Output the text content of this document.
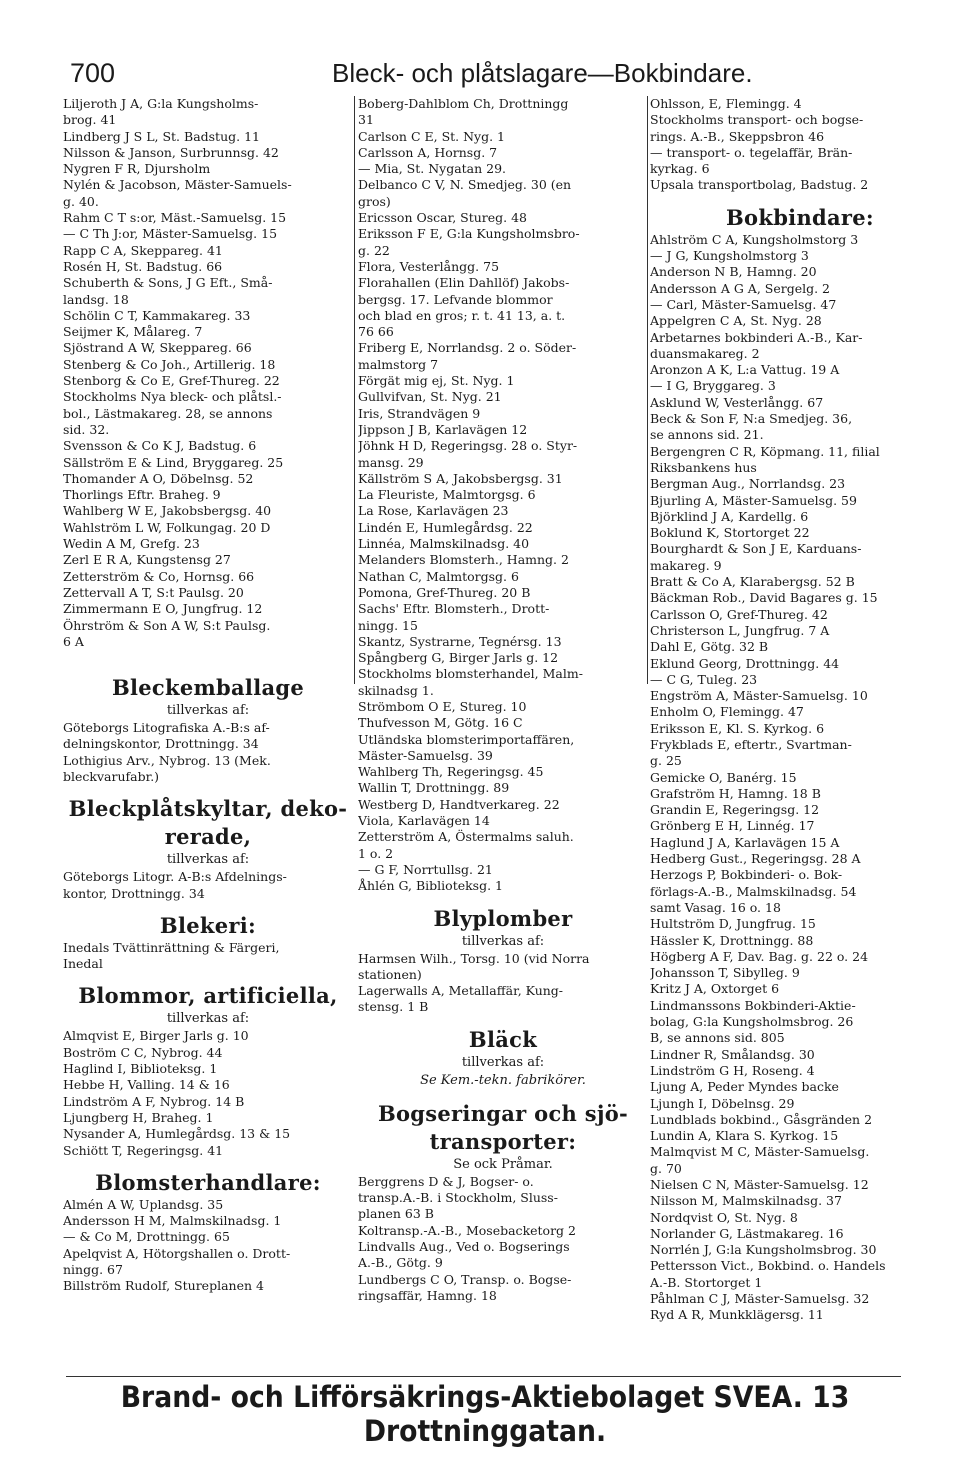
700	Bleck- och plåtslagare—Bokbindare.
Liljeroth J A, G:la Kungsholms-
brog. 41
Lindberg J S L, St. Badstug. 11
Nilsson & Janson, Surbrunnsg. 42
Nygren F R, Djursholm
Nylén & Jacobson, Mäster-Samuels-
g. 40.
Rahm C T s:or, Mäst.-Samuelsg. 15
— C Th J:or, Mäster-Samuelsg. 15
Rapp C A, Skeppareg. 41
Rosén H, St. Badstug. 66
Schuberth & Sons, J G Eft., Små-
landsg. 18
Schölin C T, Kammakareg. 33
Seijmer K, Målareg. 7
Sjöstrand A W, Skeppareg. 66
Stenberg & Co Joh., Artillerig. 18
Stenborg & Co E, Gref-Thureg. 22
Stockholms Nya bleck- och plåtsl.-
bol., Lästmakareg. 28, se annons
sid. 32.
Svensson & Co K J, Badstug. 6
Sällström E & Lind, Bryggareg. 25
Thomander A O, Döbelnsg. 52
Thorlings Eftr. Braheg. 9
Wahlberg W E, Jakobsbergsg. 40
Wahlström L W, Folkungag. 20 D
Wedin A M, Grefg. 23
Zerl E R A, Kungstensg 27
Zetterström & Co, Hornsg. 66
Zettervall A T, S:t Paulsg. 20
Zimmermann E O, Jungfrug. 12
Öhrström & Son A W, S:t Paulsg.
6 A
Bleckemballage
tillverkas af:
Göteborgs Litografiska A.-B:s af-
delningskontor, Drottningg. 34
Lothigius Arv., Nybrog. 13 (Mek.
bleckvarufabr.)
Bleckplåtskyltar, deko-
rerade,
tillverkas af:
Göteborgs Litogr. A-B:s Afdelnings-
kontor, Drottningg. 34
Blekeri:
Inedals Tvättinrättning & Färgeri,
Inedal
Blommor, artificiella,
tillverkas af:
Almqvist E, Birger Jarls g. 10
Boström C C, Nybrog. 44
Haglind I, Biblioteksg. 1
Hebbe H, Valling. 14 & 16
Lindström A F, Nybrog. 14 B
Ljungberg H, Braheg. 1
Nysander A, Humlegårdsg. 13 & 15
Schiött T, Regeringsg. 41
Blomsterhandlare:
Almén A W, Uplandsg. 35
Andersson H M, Malmskilnadsg. 1
— & Co M, Drottningg. 65
Apelqvist A, Hötorgshallen o. Drott-
ningg. 67
Billström Rudolf, Stureplanen 4
Boberg-Dahlblom Ch, Drottningg
31
Carlson C E, St. Nyg. 1
Carlsson A, Hornsg. 7
— Mia, St. Nygatan 29.
Delbanco C V, N. Smedjeg. 30 (en
gros)
Ericsson Oscar, Stureg. 48
Eriksson F E, G:la Kungsholmsbro-
g. 22
Flora, Vesterlångg. 75
Florahallen (Elin Dahllöf) Jakobs-
bergsg. 17. Lefvande blommor
och blad en gros; r. t. 41 13, a. t.
76 66
Friberg E, Norrlandsg. 2 o. Söder-
malmstorg 7
Förgät mig ej, St. Nyg. 1
Gullvifvan, St. Nyg. 21
Iris, Strandvägen 9
Jippson J B, Karlavägen 12
Jöhnk H D, Regeringsg. 28 o. Styr-
mansg. 29
Källström S A, Jakobsbergsg. 31
La Fleuriste, Malmtorgsg. 6
La Rose, Karlavägen 23
Lindén E, Humlegårdsg. 22
Linnéa, Malmskilnadsg. 40
Melanders Blomsterh., Hamng. 2
Nathan C, Malmtorgsg. 6
Pomona, Gref-Thureg. 20 B
Sachs' Eftr. Blomsterh., Drott-
ningg. 15
Skantz, Systrarne, Tegnérsg. 13
Spångberg G, Birger Jarls g. 12
Stockholms blomsterhandel, Malm-
skilnadsg 1.
Strömbom O E, Stureg. 10
Thufvesson M, Götg. 16 C
Utländska blomsterimportaffären,
Mäster-Samuelsg. 39
Wahlberg Th, Regeringsg. 45
Wallin T, Drottningg. 89
Westberg D, Handtverkareg. 22
Viola, Karlavägen 14
Zetterström A, Östermalms saluh.
1 o. 2
— G F, Norrtullsg. 21
Åhlén G, Biblioteksg. 1
Blyplomber
tillverkas af:
Harmsen Wilh., Torsg. 10 (vid Norra
stationen)
Lagerwalls A, Metallaffär, Kung-
stensg. 1 B
Bläck
tillverkas af:
Se Kem.-tekn. fabrikörer.
Bogseringar och sjö-
transporter:
Se ock Pråmar.
Berggrens D & J, Bogser- o.
transp.A.-B. i Stockholm, Sluss-
planen 63 B
Koltransp.-A.-B., Mosebacketorg 2
Lindvalls Aug., Ved o. Bogserings
A.-B., Götg. 9
Lundbergs C O, Transp. o. Bogse-
ringsaffär, Hamng. 18
Ohlsson, E, Flemingg. 4
Stockholms transport- och bogse-
rings. A.-B., Skeppsbron 46
— transport- o. tegelaffär, Brän-
kyrkag. 6
Upsala transportbolag, Badstug. 2
Bokbindare:
Ahlström C A, Kungsholmstorg 3
— J G, Kungsholmstorg 3
Anderson N B, Hamng. 20
Andersson A G A, Sergelg. 2
— Carl, Mäster-Samuelsg. 47
Appelgren C A, St. Nyg. 28
Arbetarnes bokbinderi A.-B., Kar-
duansmakareg. 2
Aronzon A K, L:a Vattug. 19 A
— I G, Bryggareg. 3
Asklund W, Vesterlångg. 67
Beck & Son F, N:a Smedjeg. 36,
se annons sid. 21.
Bergengren C R, Köpmang. 11, filial
Riksbankens hus
Bergman Aug., Norrlandsg. 23
Bjurling A, Mäster-Samuelsg. 59
Björklind J A, Kardellg. 6
Boklund K, Stortorget 22
Bourghardt & Son J E, Karduans-
makareg. 9
Bratt & Co A, Klarabergsg. 52 B
Bäckman Rob., David Bagares g. 15
Carlsson O, Gref-Thureg. 42
Christerson L, Jungfrug. 7 A
Dahl E, Götg. 32 B
Eklund Georg, Drottningg. 44
— C G, Tuleg. 23
Engström A, Mäster-Samuelsg. 10
Enholm O, Flemingg. 47
Eriksson E, Kl. S. Kyrkog. 6
Frykblads E, eftertr., Svartman-
g. 25
Gemicke O, Banérg. 15
Grafström H, Hamng. 18 B
Grandin E, Regeringsg. 12
Grönberg E H, Linnég. 17
Haglund J A, Karlavägen 15 A
Hedberg Gust., Regeringsg. 28 A
Herzogs P, Bokbinderi- o. Bok-
förlags-A.-B., Malmskilnadsg. 54
samt Vasag. 16 o. 18
Hultström D, Jungfrug. 15
Hässler K, Drottningg. 88
Högberg A F, Dav. Bag. g. 22 o. 24
Johansson T, Sibylleg. 9
Kritz J A, Oxtorget 6
Lindmanssons Bokbinderi-Aktie-
bolag, G:la Kungsholmsbrog. 26
B, se annons sid. 805
Lindner R, Smålandsg. 30
Lindström G H, Roseng. 4
Ljung A, Peder Myndes backe
Ljungh I, Döbelnsg. 29
Lundblads bokbind., Gåsgränden 2
Lundin A, Klara S. Kyrkog. 15
Malmqvist M C, Mäster-Samuelsg.
g. 70
Nielsen C N, Mäster-Samuelsg. 12
Nilsson M, Malmskilnadsg. 37
Nordqvist O, St. Nyg. 8
Norlander G, Lästmakareg. 16
Norrlén J, G:la Kungsholmsbrog. 30
Pettersson Vict., Bokbind. o. Handels
A.-B. Stortorget 1
Påhlman C J, Mäster-Samuelsg. 32
Ryd A R, Munkklägersg. 11
Brand- och Lifförsäkrings-Aktiebolaget SVEA. 13 Drottninggatan.
